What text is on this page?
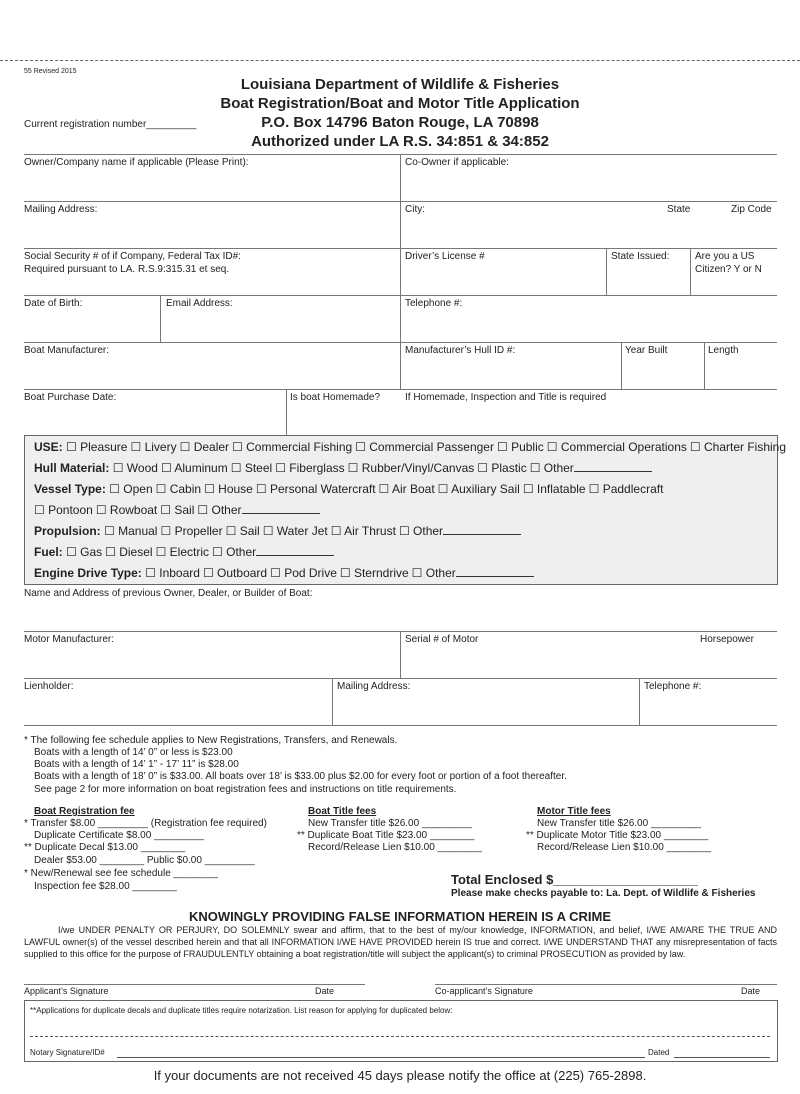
55 Revised 2015
Louisiana Department of Wildlife & Fisheries
Boat Registration/Boat and Motor Title Application
P.O. Box 14796 Baton Rouge, LA 70898
Authorized under LA R.S. 34:851 & 34:852
Current registration number_________
Owner/Company name if applicable (Please Print):	Co-Owner if applicable:
Mailing Address:	City:	State	Zip Code
Social Security # of if Company, Federal Tax ID#:
Required pursuant to LA. R.S.9:315.31 et seq.
Driver’s License #	State Issued:	Are you a US
Citizen? Y or N
Date of Birth:	Email Address:	Telephone #:
Boat Manufacturer:	Manufacturer’s Hull ID #:	Year Built	Length
Boat Purchase Date:	Is boat Homemade? If Homemade, Inspection and Title is required
USE: ☐ Pleasure ☐ Livery ☐ Dealer ☐ Commercial Fishing ☐ Commercial Passenger ☐ Public ☐ Commercial Operations ☐ Charter Fishing
Hull Material: ☐ Wood ☐ Aluminum ☐ Steel ☐ Fiberglass ☐ Rubber/Vinyl/Canvas ☐ Plastic ☐ Other
Vessel Type: ☐ Open ☐ Cabin ☐ House ☐ Personal Watercraft ☐ Air Boat ☐ Auxiliary Sail ☐ Inflatable ☐ Paddlecraft
☐ Pontoon ☐ Rowboat ☐ Sail ☐ Other
Propulsion: ☐ Manual ☐ Propeller ☐ Sail ☐ Water Jet ☐ Air Thrust ☐ Other
Fuel: ☐ Gas ☐ Diesel ☐ Electric ☐ Other
Engine Drive Type: ☐ Inboard ☐ Outboard ☐ Pod Drive ☐ Sterndrive ☐ Other
Name and Address of previous Owner, Dealer, or Builder of Boat:
Motor Manufacturer:	Serial # of Motor	Horsepower
Lienholder:	Mailing Address:	Telephone #:
* The following fee schedule applies to New Registrations, Transfers, and Renewals.
Boats with a length of 14’ 0” or less is $23.00
Boats with a length of 14’ 1” - 17’ 11” is $28.00
Boats with a length of 18’ 0” is $33.00. All boats over 18’ is $33.00 plus $2.00 for every foot or portion of a foot thereafter.
See page 2 for more information on boat registration fees and instructions on title requirements.
Boat Registration fee
* Transfer $8.00 _________ (Registration fee required)
Duplicate Certificate $8.00 _________
** Duplicate Decal $13.00 ________
Dealer $53.00 ________ Public $0.00 _________
* New/Renewal see fee schedule ________
Inspection fee $28.00 ________
Boat Title fees
New Transfer title $26.00 _________
** Duplicate Boat Title $23.00 ________
Record/Release Lien $10.00 ________
Motor Title fees
New Transfer title $26.00 _________
** Duplicate Motor Title $23.00 ________
Record/Release Lien $10.00 ________
Total Enclosed $____________________
Please make checks payable to: La. Dept. of Wildlife & Fisheries
KNOWINGLY PROVIDING FALSE INFORMATION HEREIN IS A CRIME
I/we UNDER PENALTY OR PERJURY, DO SOLEMNLY swear and affirm, that to the best of my/our knowledge, INFORMATION, and belief, I/WE AM/ARE THE TRUE AND LAWFUL owner(s) of the vessel described herein and that all INFORMATION I/WE HAVE PROVIDED herein IS true and correct. I/WE UNDERSTAND THAT any misrepresentation of facts supplied to this office for the purpose of FRAUDULENTLY obtaining a boat registration/title will subject the applicant(s) to criminal PROSECUTION as provided by law.
Applicant’s Signature	Date	Co-applicant’s Signature	Date
**Applications for duplicate decals and duplicate titles require notarization. List reason for applying for duplicated below:
Notary Signature/ID#	Dated
If your documents are not received 45 days please notify the office at (225) 765-2898.
